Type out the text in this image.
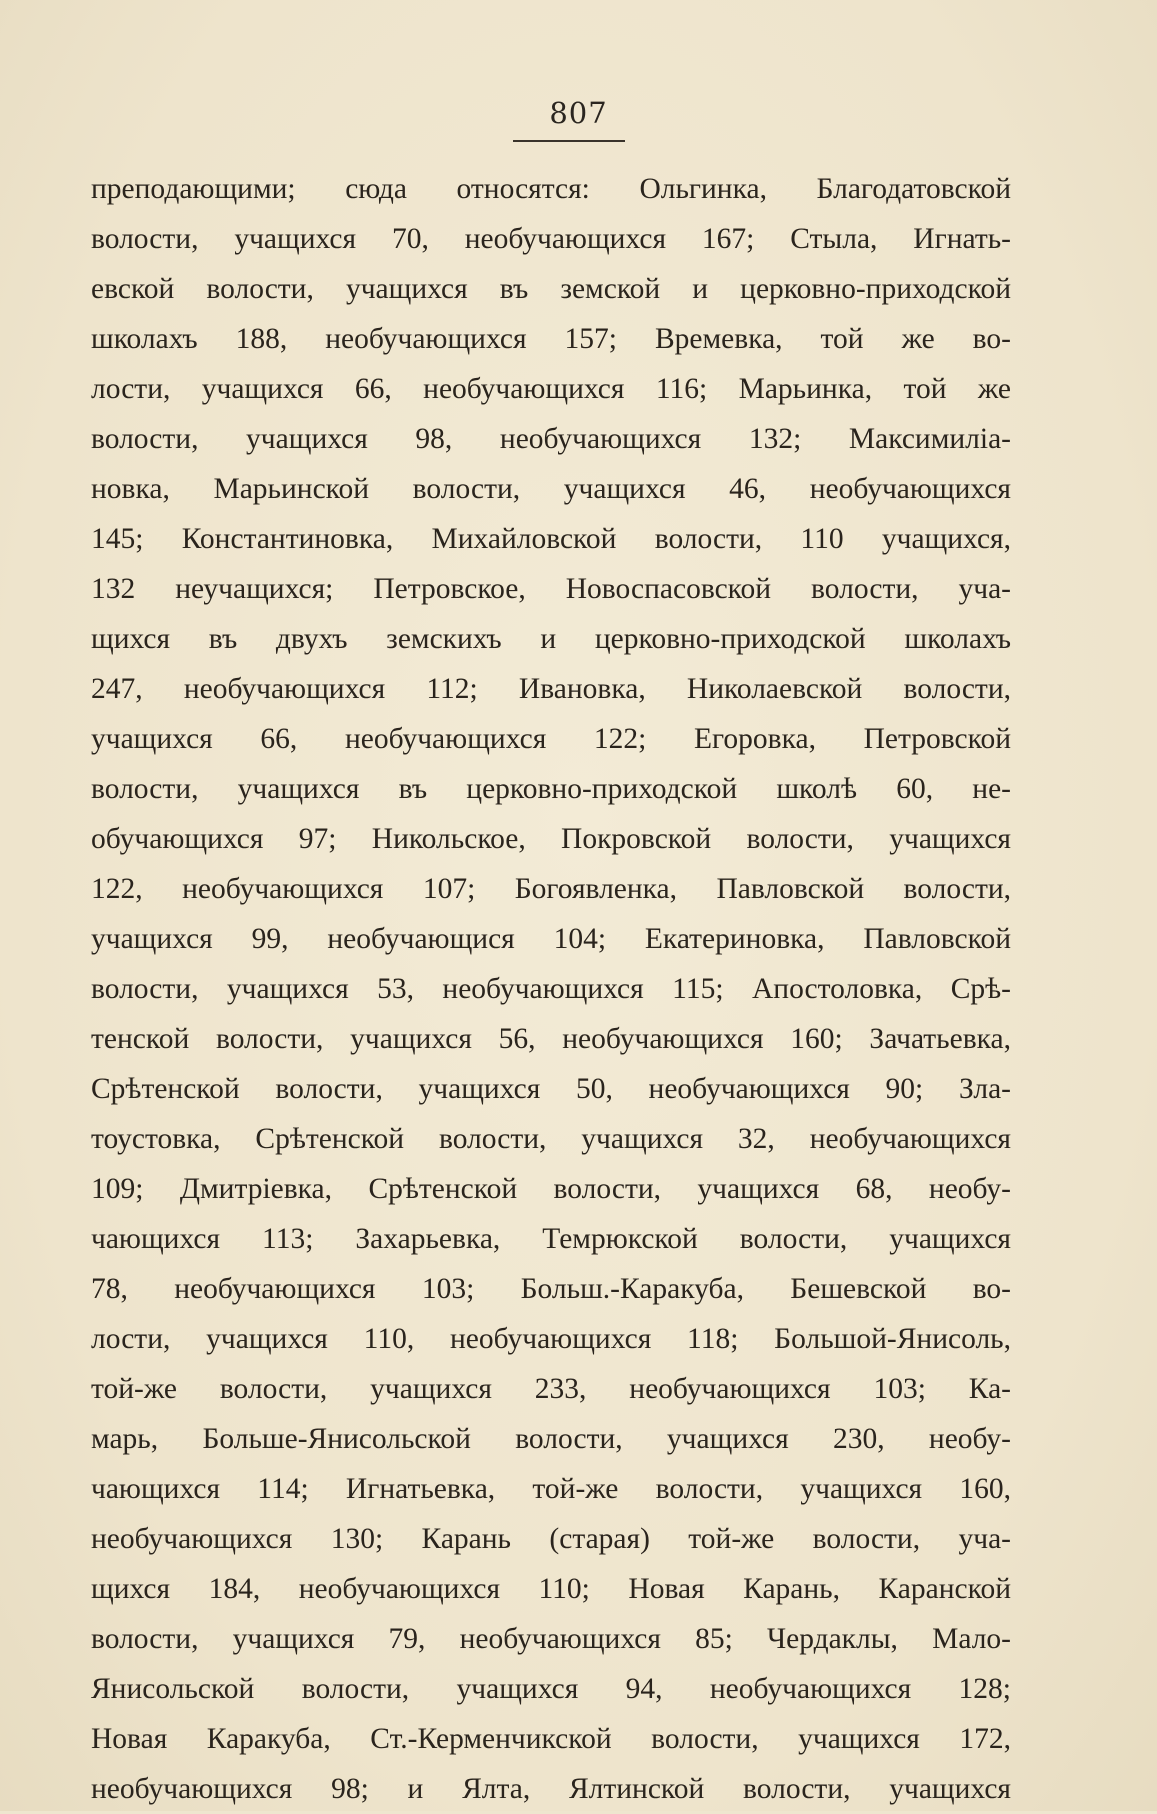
807
преподающими; сюда относятся: Ольгинка, Благодатовской
волости, учащихся 70, необучающихся 167; Стыла, Игнать-
евской волости, учащихся въ земской и церковно-приходской
школахъ 188, необучающихся 157; Времевка, той же во-
лости, учащихся 66, необучающихся 116; Марьинка, той же
волости, учащихся 98, необучающихся 132; Максимиліа-
новка, Марьинской волости, учащихся 46, необучающихся
145; Константиновка, Михайловской волости, 110 учащихся,
132 неучащихся; Петровское, Новоспасовской волости, уча-
щихся въ двухъ земскихъ и церковно-приходской школахъ
247, необучающихся 112; Ивановка, Николаевской волости,
учащихся 66, необучающихся 122; Егоровка, Петровской
волости, учащихся въ церковно-приходской школѣ 60, не-
обучающихся 97; Никольское, Покровской волости, учащихся
122, необучающихся 107; Богоявленка, Павловской волости,
учащихся 99, необучающися 104; Екатериновка, Павловской
волости, учащихся 53, необучающихся 115; Апостоловка, Срѣ-
тенской волости, учащихся 56, необучающихся 160; Зачатьевка,
Срѣтенской волости, учащихся 50, необучающихся 90; Зла-
тоустовка, Срѣтенской волости, учащихся 32, необучающихся
109; Дмитріевка, Срѣтенской волости, учащихся 68, необу-
чающихся 113; Захарьевка, Темрюкской волости, учащихся
78, необучающихся 103; Больш.-Каракуба, Бешевской во-
лости, учащихся 110, необучающихся 118; Большой-Янисоль,
той-же волости, учащихся 233, необучающихся 103; Ка-
марь, Больше-Янисольской волости, учащихся 230, необу-
чающихся 114; Игнатьевка, той-же волости, учащихся 160,
необучающихся 130; Карань (старая) той-же волости, уча-
щихся 184, необучающихся 110; Новая Карань, Каранской
волости, учащихся 79, необучающихся 85; Чердаклы, Мало-
Янисольской волости, учащихся 94, необучающихся 128;
Новая Каракуба, Ст.-Керменчикской волости, учащихся 172,
необучающихся 98; и Ялта, Ялтинской волости, учащихся
